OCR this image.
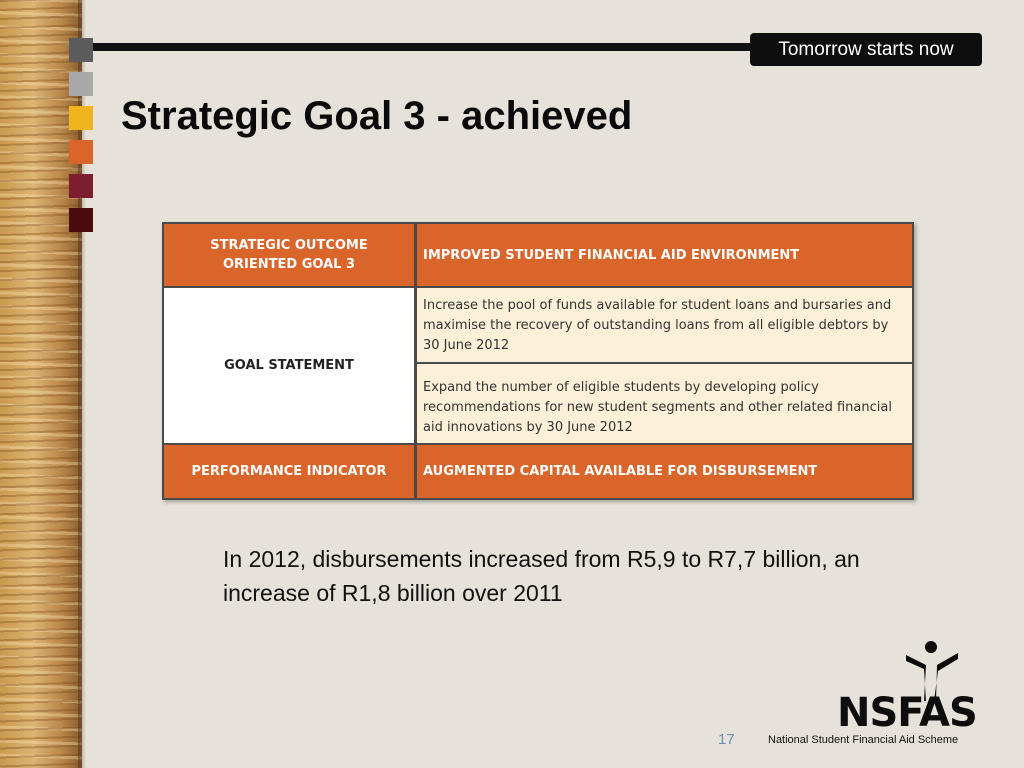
Tomorrow starts now
Strategic Goal 3 - achieved
STRATEGIC OUTCOME ORIENTED GOAL 3
IMPROVED STUDENT FINANCIAL AID ENVIRONMENT
GOAL STATEMENT
Increase the pool of funds available for student loans and bursaries and maximise the recovery of outstanding loans from all eligible debtors by 30 June 2012
Expand the number of eligible students by developing policy recommendations for new student segments and other related financial aid innovations by 30 June 2012
PERFORMANCE INDICATOR	AUGMENTED CAPITAL AVAILABLE FOR DISBURSEMENT
In 2012, disbursements increased from R5,9 to R7,7 billion, an increase of R1,8 billion over 2011
17
NSFAS
National Student Financial Aid Scheme
